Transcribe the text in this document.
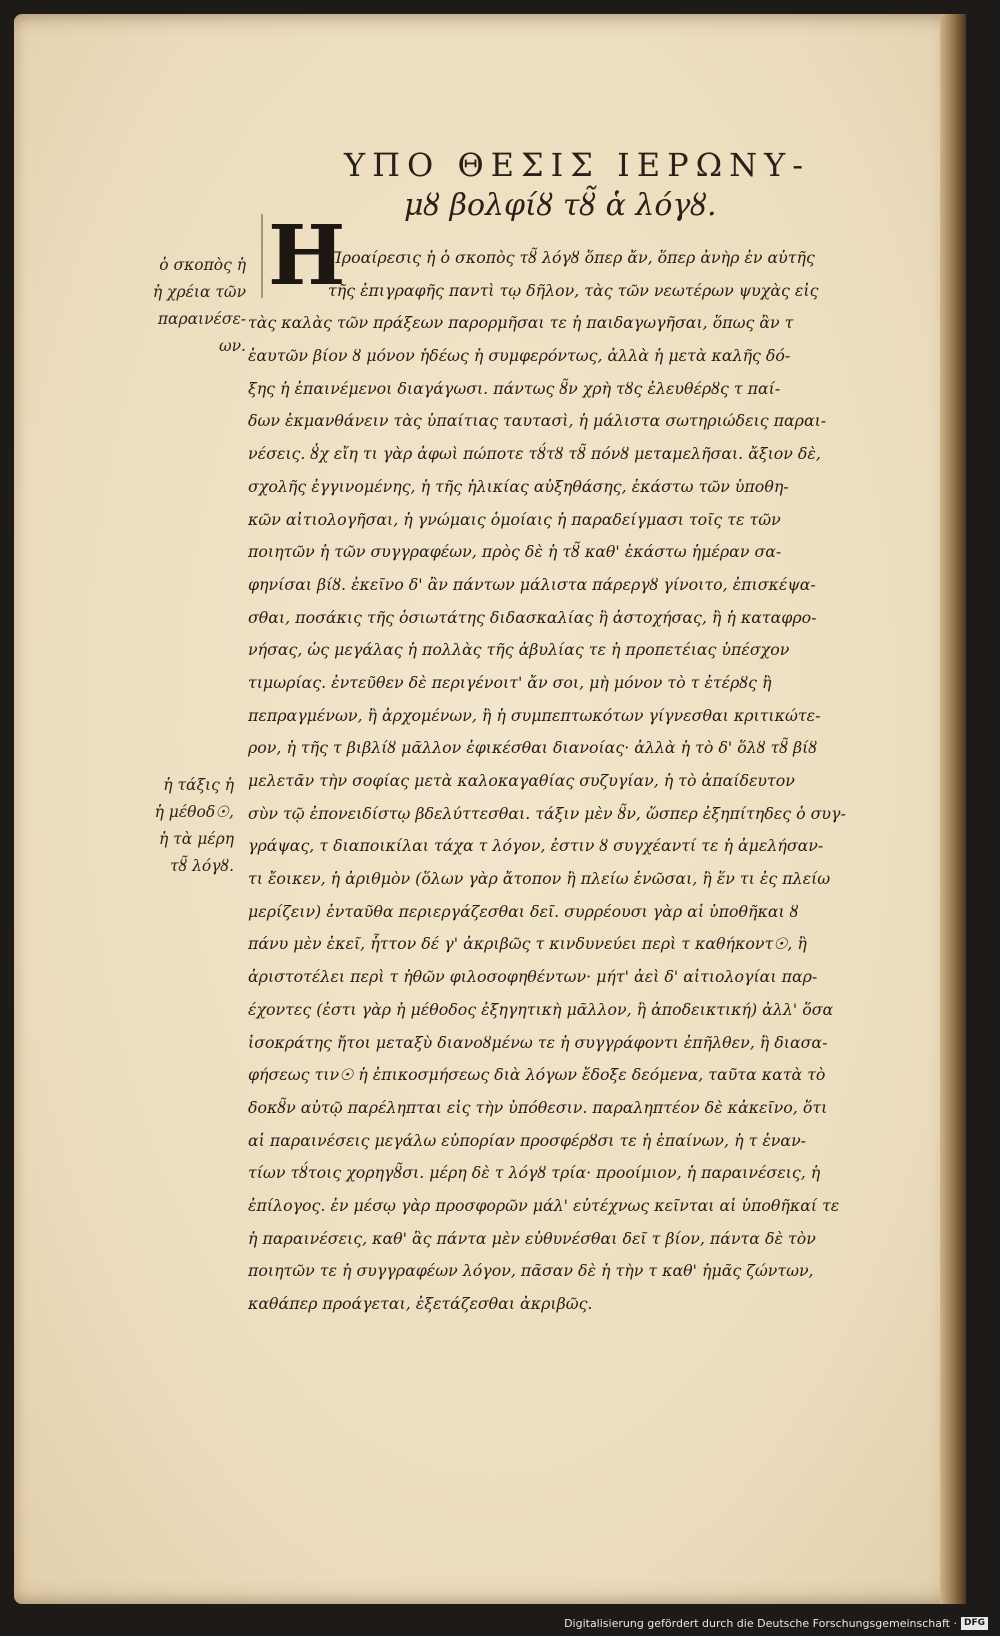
ΥΠΟ ΘΕΣΙΣ ΙΕΡΩΝΥ-
μȣ βολφίȣ τȣ̃ ἁ λόγȣ.
ὁ σκοπὸς ἡ
ἡ χρέια τῶν
παραινέσε-
ων.
ἡ τάξις ἡ
ἡ μέθοδ☉,
ἡ τὰ μέρη
τȣ̃ λόγȣ.
H
Προαίρεσις ἡ ὁ σκοπὸς τȣ̃ λόγȣ ὅπερ ἄν, ὅπερ ἀνὴρ ἐν αὐτῆς
τῆς ἐπιγραφῆς παντὶ τῳ δῆλον, τὰς τῶν νεωτέρων ψυχὰς εἰς
τὰς καλὰς τῶν πράξεων παρορμῆσαι τε ἡ παιδαγωγῆσαι, ὅπως ἂν τ
ἑαυτῶν βίον ȣ μόνον ἡδέως ἡ συμφερόντως, ἀλλὰ ἡ μετὰ καλῆς δό-
ξης ἡ ἐπαινέμενοι διαγάγωσι. πάντως ȣ̃ν χρὴ τȣς ἐλευθέρȣς τ παί-
δων ἐκμανθάνειν τὰς ὑπαίτιας ταυτασὶ, ἡ μάλιστα σωτηριώδεις παραι-
νέσεις. ȣ̓χ εἴη τι γὰρ ἀφωὶ πώποτε τȣ́τȣ τȣ̃ πόνȣ μεταμελῆσαι. ἄξιον δὲ,
σχολῆς ἐγγινομένης, ἡ τῆς ἡλικίας αὐξηθάσης, ἑκάστω τῶν ὑποθη-
κῶν αἰτιολογῆσαι, ἡ γνώμαις ὁμοίαις ἡ παραδείγμασι τοῖς τε τῶν
ποιητῶν ἡ τῶν συγγραφέων, πρὸς δὲ ἡ τȣ̃ καθ' ἑκάστω ἡμέραν σα-
φηνίσαι βίȣ. ἐκεῖνο δ' ἂν πάντων μάλιστα πάρεργȣ γίνοιτο, ἐπισκέψα-
σθαι, ποσάκις τῆς ὁσιωτάτης διδασκαλίας ἢ ἀστοχήσας, ἢ ἡ καταφρο-
νήσας, ὡς μεγάλας ἡ πολλὰς τῆς ἀβυλίας τε ἡ προπετέιας ὑπέσχον
τιμωρίας. ἐντεῦθεν δὲ περιγένοιτ' ἄν σοι, μὴ μόνον τὸ τ ἐτέρȣς ἢ
πεπραγμένων, ἢ ἀρχομένων, ἢ ἡ συμπεπτωκότων γίγνεσθαι κριτικώτε-
ρον, ἡ τῆς τ βιβλίȣ μᾶλλον ἐφικέσθαι διανοίας· ἀλλὰ ἡ τὸ δ' ὅλȣ τȣ̃ βίȣ
μελετᾶν τὴν σοφίας μετὰ καλοκαγαθίας συζυγίαν, ἡ τὸ ἀπαίδευτον
σὺν τῷ ἐπονειδίστῳ βδελύττεσθαι. τάξιν μὲν ȣ̃ν, ὥσπερ ἐξηπίτηδες ὁ συγ-
γράψας, τ διαποικίλαι τάχα τ λόγον, ἐστιν ȣ συγχέαντί τε ἡ ἀμελήσαν-
τι ἔοικεν, ἡ ἀριθμὸν (ὅλων γὰρ ἄτοπον ἢ πλείω ἑνῶσαι, ἢ ἕν τι ἐς πλείω
μερίζειν) ἐνταῦθα περιεργάζεσθαι δεῖ. συρρέουσι γὰρ αἱ ὑποθῆκαι ȣ
πάνυ μὲν ἐκεῖ, ἧττον δέ γ' ἀκριβῶς τ κινδυνεύει περὶ τ καθήκοντ☉, ἢ
ἀριστοτέλει περὶ τ ἠθῶν φιλοσοφηθέντων· μήτ' ἀεὶ δ' αἰτιολογίαι παρ-
έχοντες (ἐστι γὰρ ἡ μέθοδος ἐξηγητικὴ μᾶλλον, ἢ ἀποδεικτική) ἀλλ' ὅσα
ἰσοκράτης ἤτοι μεταξὺ διανοȣμένω τε ἡ συγγράφοντι ἐπῆλθεν, ἢ διασα-
φήσεως τιν☉ ἡ ἐπικοσμήσεως διὰ λόγων ἔδοξε δεόμενα, ταῦτα κατὰ τὸ
δοκȣ̃ν αὐτῷ παρέληπται εἰς τὴν ὑπόθεσιν. παραληπτέον δὲ κἀκεῖνο, ὅτι
αἱ παραινέσεις μεγάλω εὐπορίαν προσφέρȣσι τε ἡ ἐπαίνων, ἡ τ ἐναν-
τίων τȣ́τοις χορηγȣ̃σι. μέρη δὲ τ λόγȣ τρία· προοίμιον, ἡ παραινέσεις, ἡ
ἐπίλογος. ἐν μέσῳ γὰρ προσφορῶν μάλ' εὐτέχνως κεῖνται αἱ ὑποθῆκαί τε
ἡ παραινέσεις, καθ' ἃς πάντα μὲν εὐθυνέσθαι δεῖ τ βίον, πάντα δὲ τὸν
ποιητῶν τε ἡ συγγραφέων λόγον, πᾶσαν δὲ ἡ τὴν τ καθ' ἡμᾶς ζώντων,
καθάπερ προάγεται, ἐξετάζεσθαι ἀκριβῶς.
Digitalisierung gefördert durch die Deutsche Forschungsgemeinschaft · DFG
